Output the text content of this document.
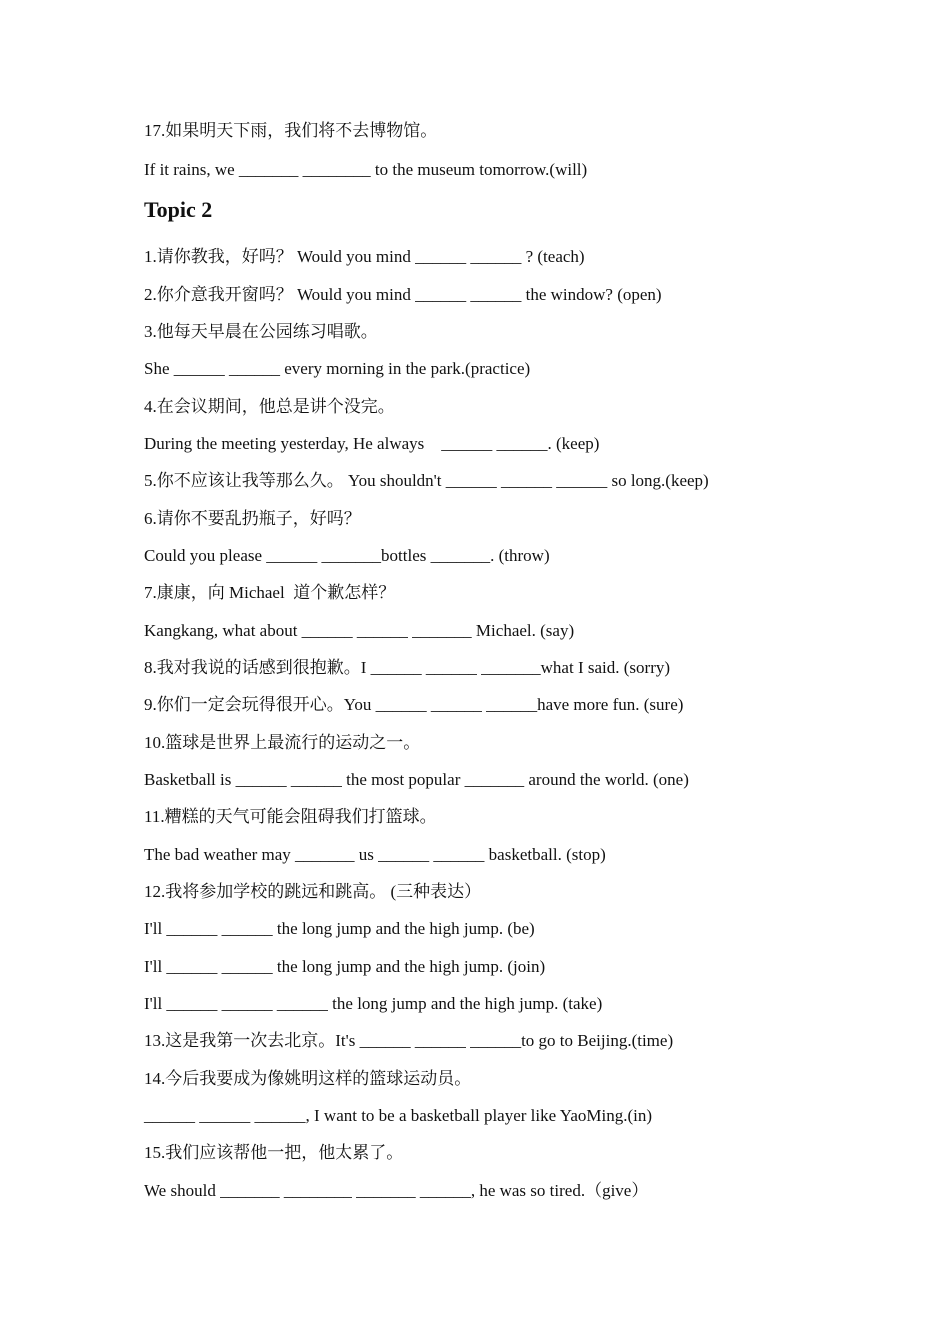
17.如果明天下雨，我们将不去博物馆。
If it rains, we _______ ________ to the museum tomorrow.(will)
Topic 2
1.请你教我，好吗？ Would you mind ______ ______ ? (teach)
2.你介意我开窗吗？ Would you mind ______ ______ the window? (open)
3.他每天早晨在公园练习唱歌。
She ______ ______ every morning in the park.(practice)
4.在会议期间，他总是讲个没完。
During the meeting yesterday, He always    ______ ______. (keep)
5.你不应该让我等那么久。 You shouldn't ______ ______ ______ so long.(keep)
6.请你不要乱扔瓶子，好吗？
Could you please ______ _______bottles _______. (throw)
7.康康，向 Michael  道个歉怎样？
Kangkang, what about ______ ______ _______ Michael. (say)
8.我对我说的话感到很抱歉。I ______ ______ _______what I said. (sorry)
9.你们一定会玩得很开心。You ______ ______ ______have more fun. (sure)
10.篮球是世界上最流行的运动之一。
Basketball is ______ ______ the most popular _______ around the world. (one)
11.糟糕的天气可能会阻碍我们打篮球。
The bad weather may _______ us ______ ______ basketball. (stop)
12.我将参加学校的跳远和跳高。 (三种表达）
I'll ______ ______ the long jump and the high jump. (be)
I'll ______ ______ the long jump and the high jump. (join)
I'll ______ ______ ______ the long jump and the high jump. (take)
13.这是我第一次去北京。It's ______ ______ ______to go to Beijing.(time)
14.今后我要成为像姚明这样的篮球运动员。
______ ______ ______, I want to be a basketball player like YaoMing.(in)
15.我们应该帮他一把，他太累了。
We should _______ ________ _______ ______, he was so tired.（give）
